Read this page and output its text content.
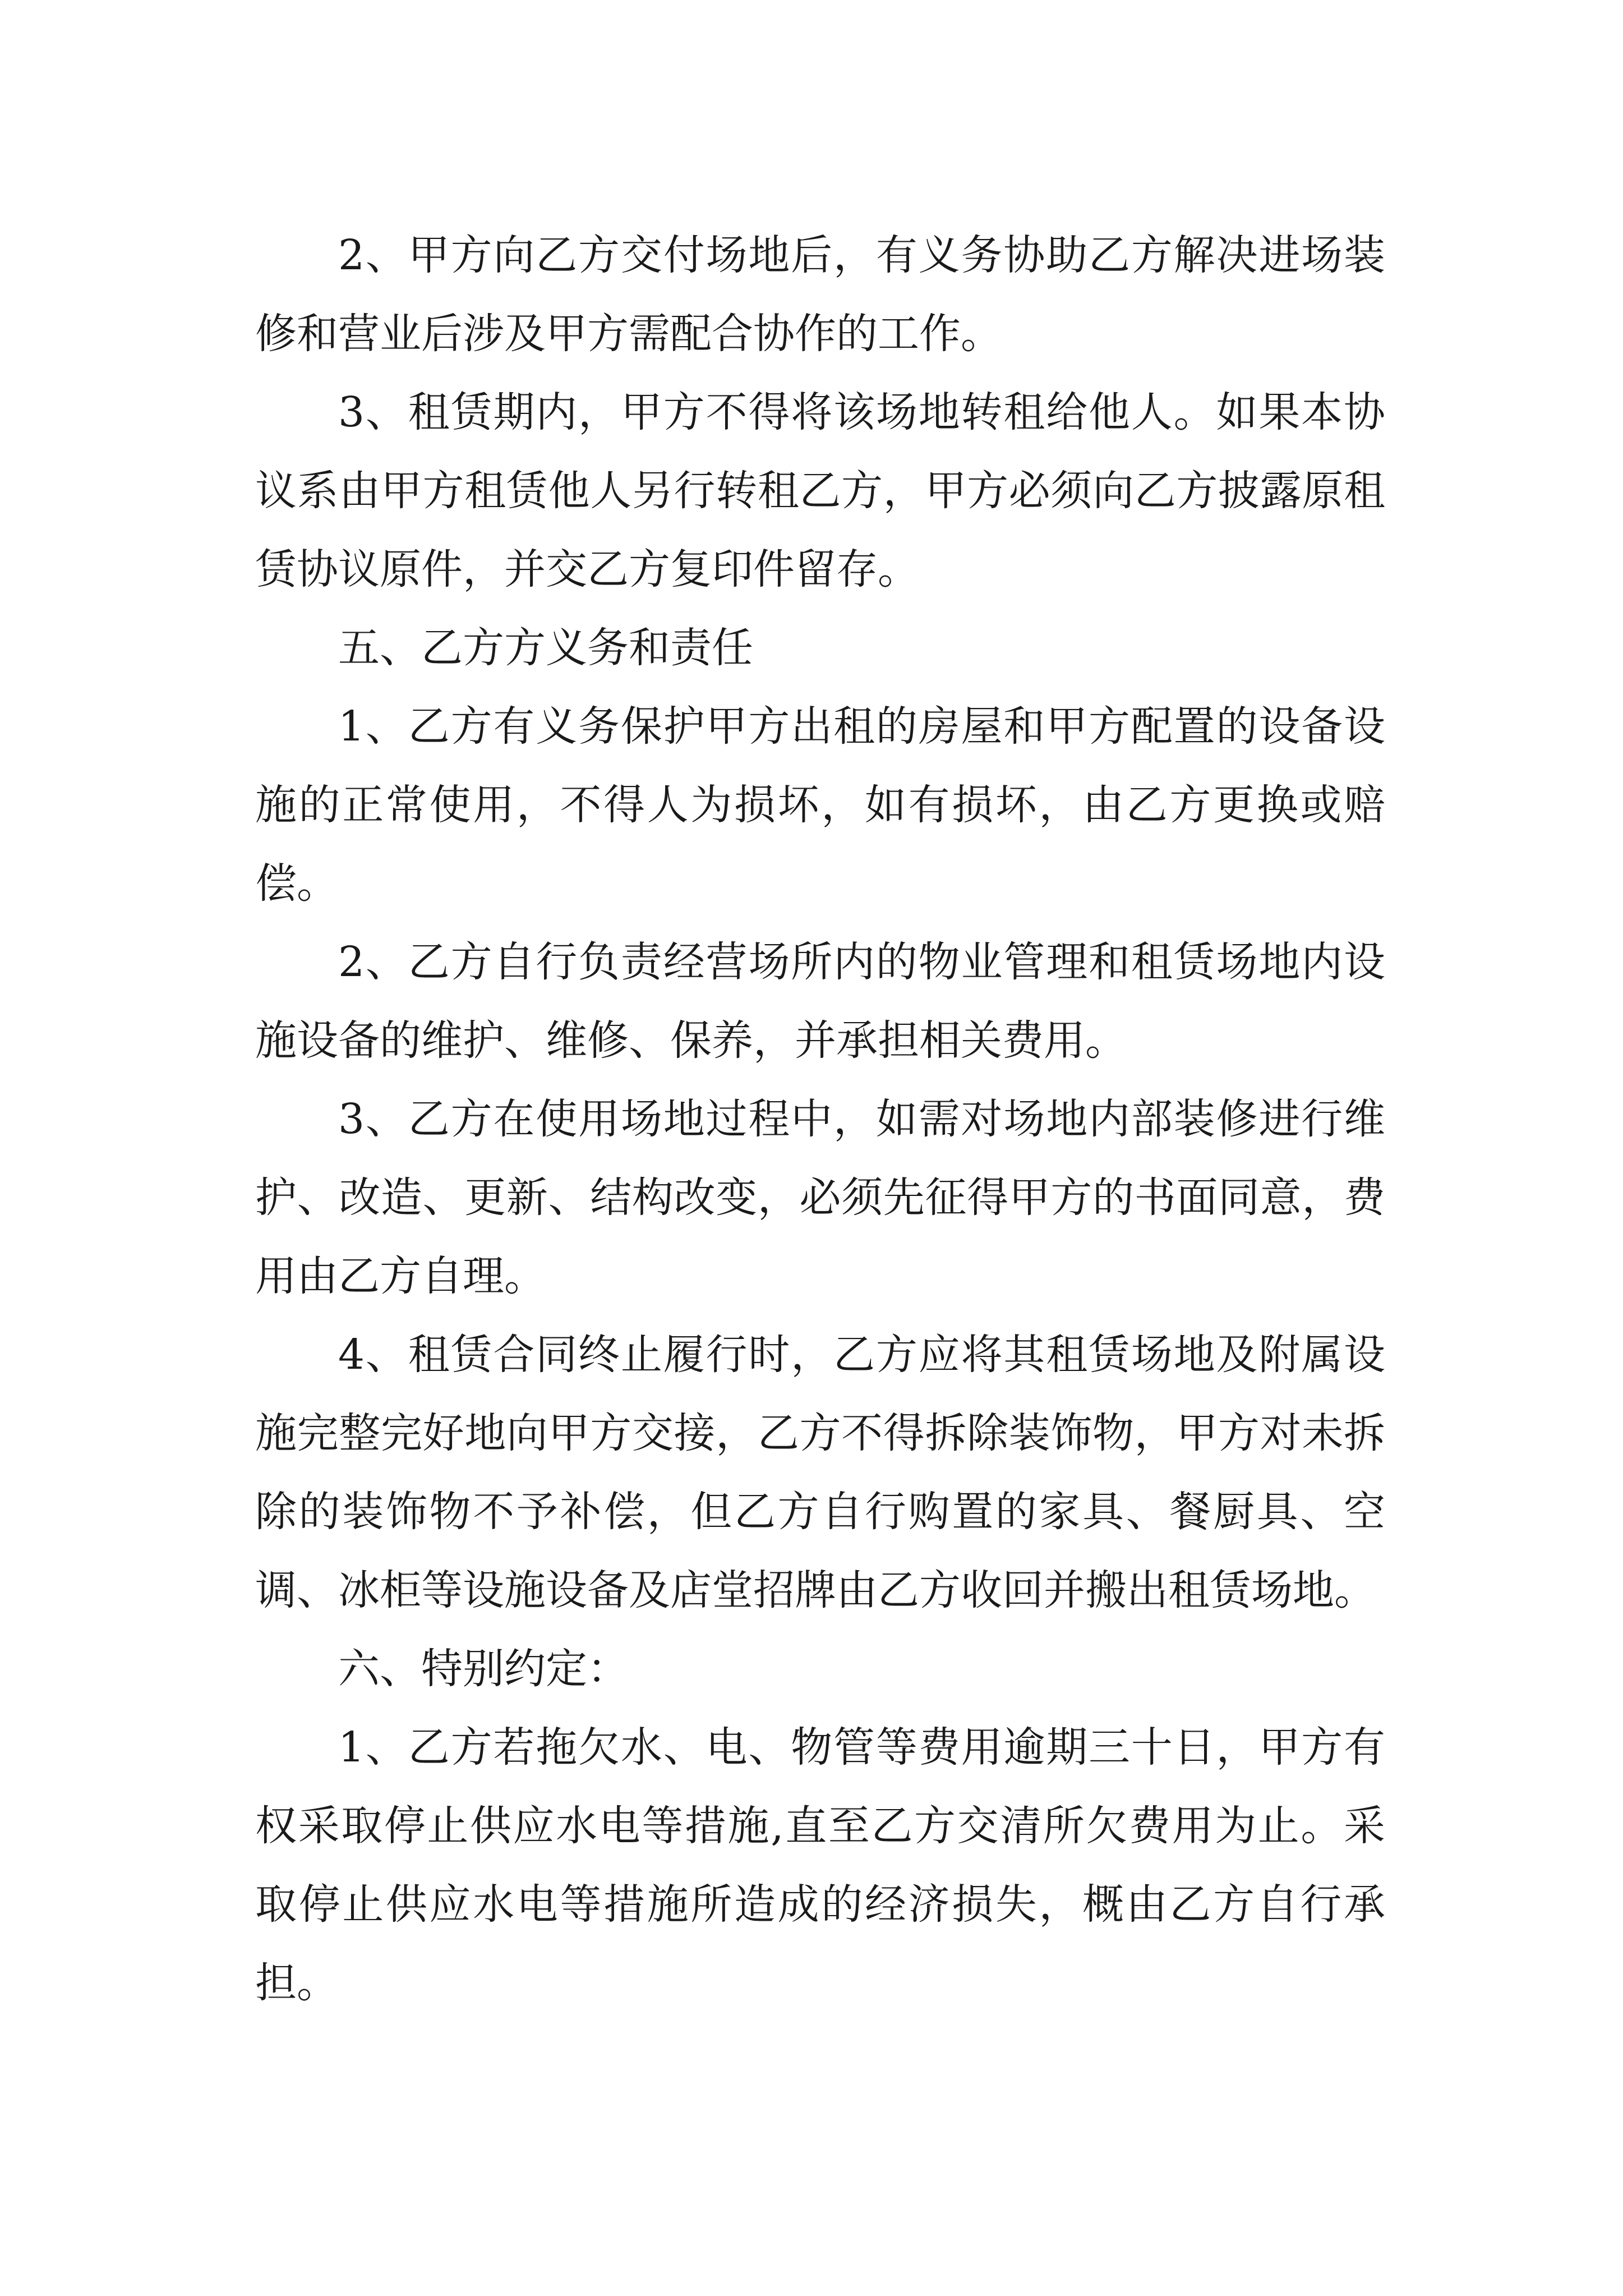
2、甲方向乙方交付场地后，有义务协助乙方解决进场装修和营业后涉及甲方需配合协作的工作。

3、租赁期内，甲方不得将该场地转租给他人。如果本协议系由甲方租赁他人另行转租乙方，甲方必须向乙方披露原租赁协议原件，并交乙方复印件留存。

五、乙方方义务和责任

1、乙方有义务保护甲方出租的房屋和甲方配置的设备设施的正常使用，不得人为损坏，如有损坏，由乙方更换或赔偿。

2、乙方自行负责经营场所内的物业管理和租赁场地内设施设备的维护、维修、保养，并承担相关费用。

3、乙方在使用场地过程中，如需对场地内部装修进行维护、改造、更新、结构改变，必须先征得甲方的书面同意，费用由乙方自理。

4、租赁合同终止履行时，乙方应将其租赁场地及附属设施完整完好地向甲方交接，乙方不得拆除装饰物，甲方对未拆除的装饰物不予补偿，但乙方自行购置的家具、餐厨具、空调、冰柜等设施设备及店堂招牌由乙方收回并搬出租赁场地。

六、特别约定：

1、乙方若拖欠水、电、物管等费用逾期三十日，甲方有权采取停止供应水电等措施,直至乙方交清所欠费用为止。采取停止供应水电等措施所造成的经济损失，概由乙方自行承担。
